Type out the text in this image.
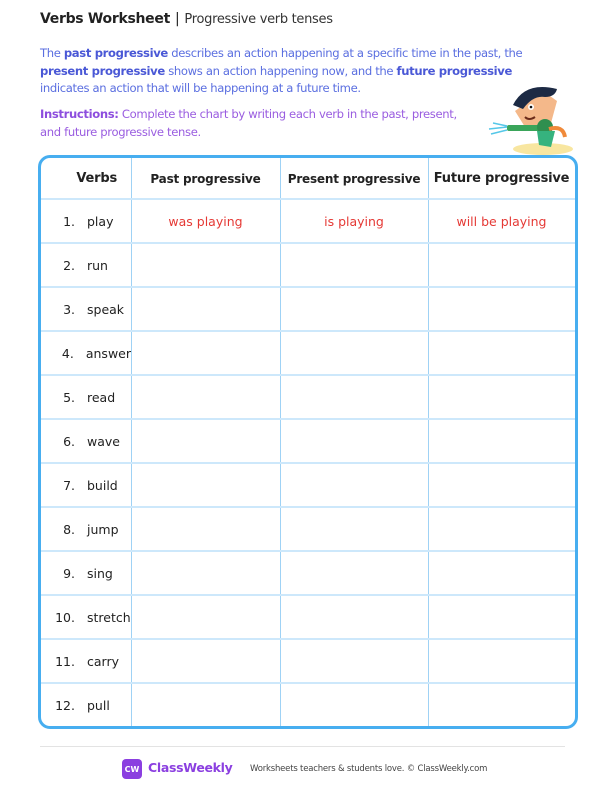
Verbs Worksheet | Progressive verb tenses
The past progressive describes an action happening at a specific time in the past, the present progressive shows an action happening now, and the future progressive indicates an action that will be happening at a future time.
Instructions: Complete the chart by writing each verb in the past, present, and future progressive tense.
Verbs	Past progressive	Present progressive	Future progressive
1. play	was playing	is playing	will be playing
2. run
3. speak
4. answer
5. read
6. wave
7. build
8. jump
9. sing
10. stretch
11. carry
12. pull
CW ClassWeekly Worksheets teachers & students love. © ClassWeekly.com
